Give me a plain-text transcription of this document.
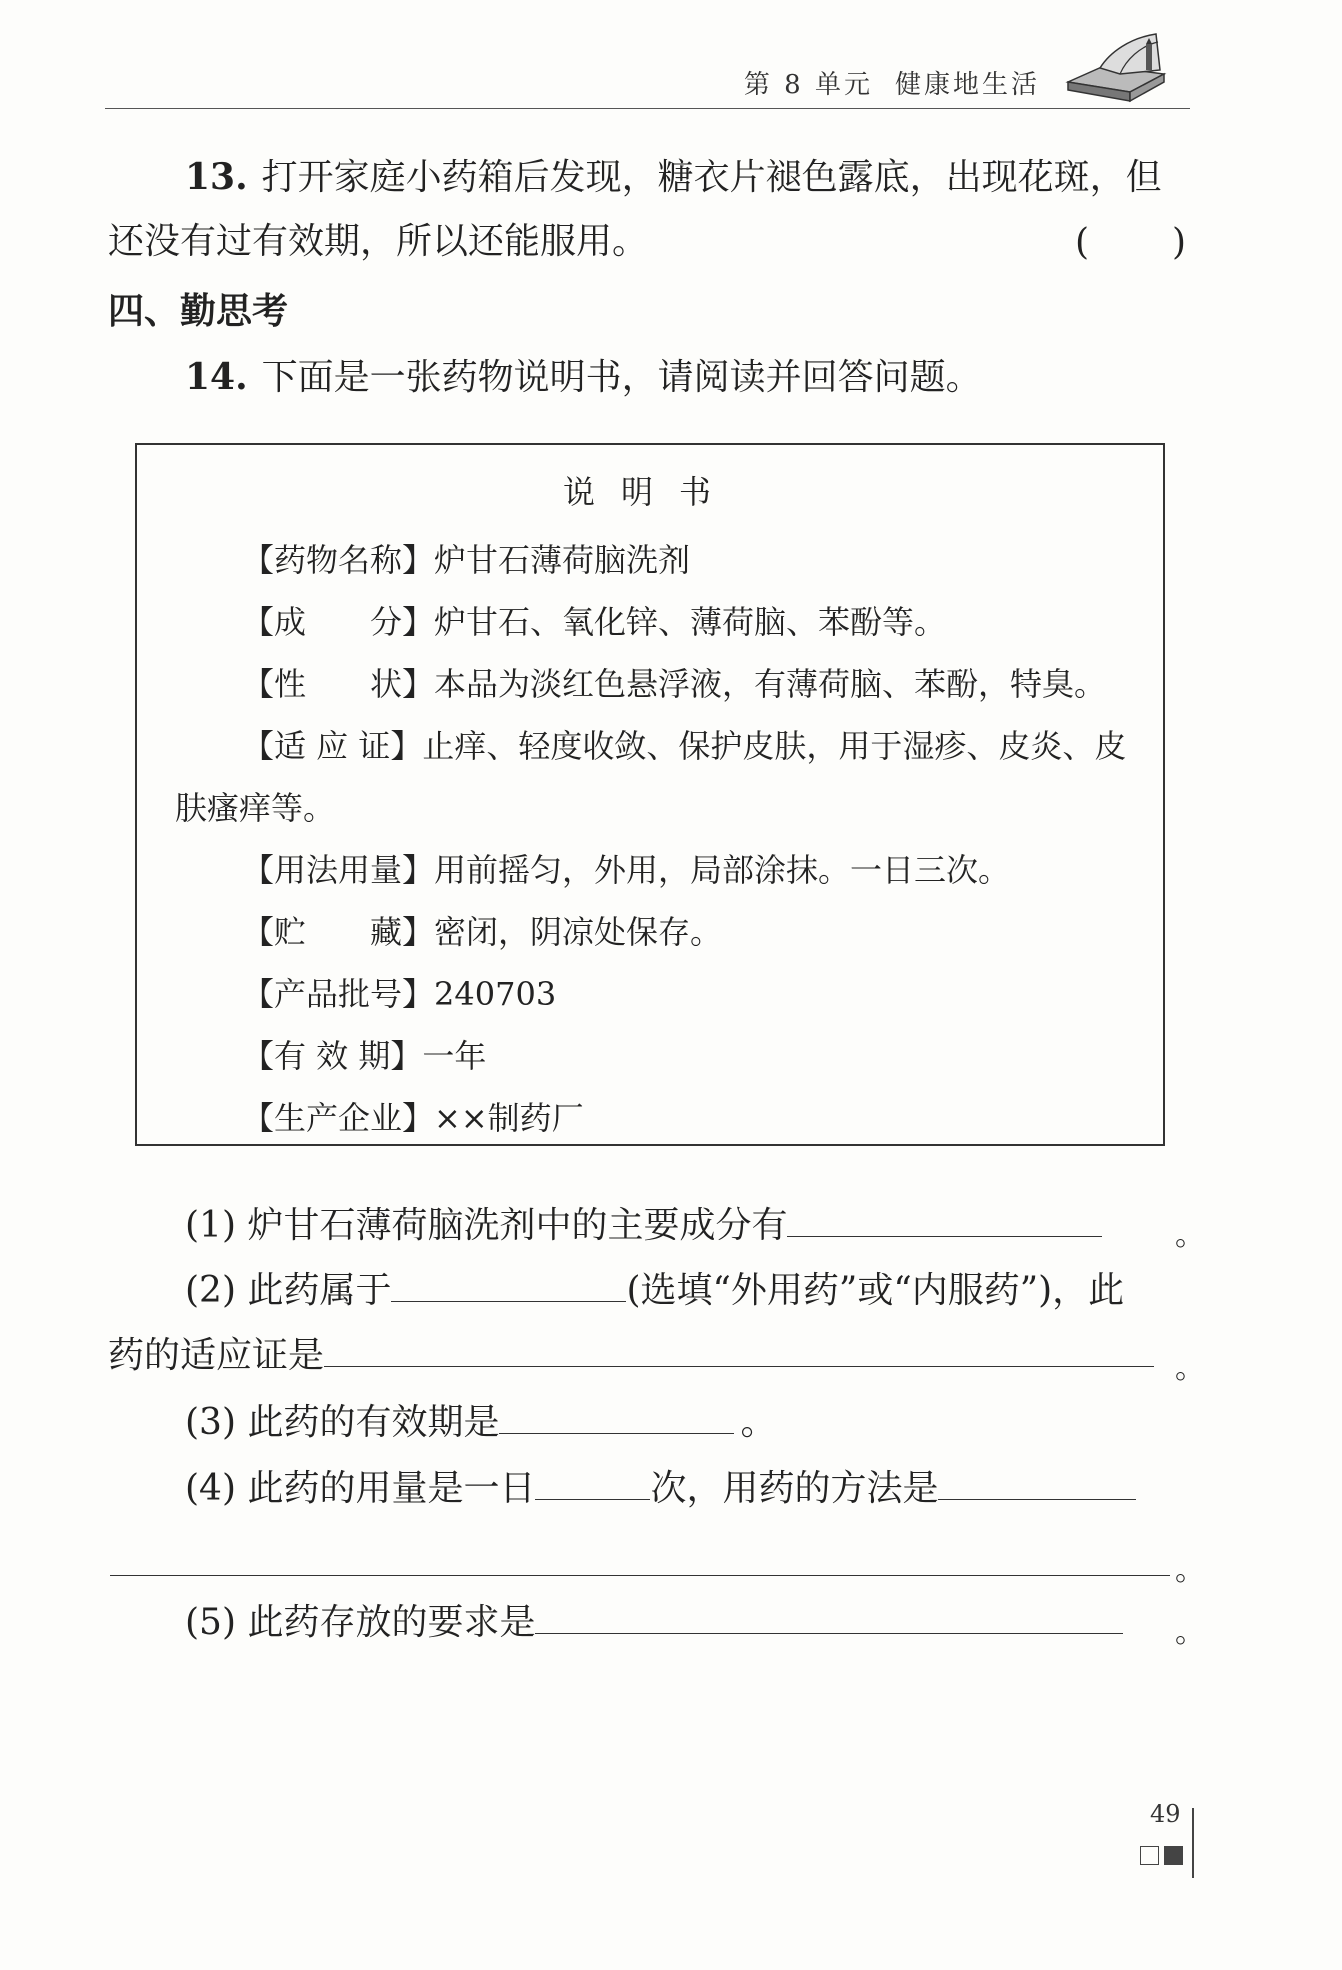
第 8 单元 健康地生活
13. 打开家庭小药箱后发现，糖衣片褪色露底，出现花斑，但
还没有过有效期，所以还能服用。	( )
四、勤思考
14. 下面是一张药物说明书，请阅读并回答问题。
说明书
【药物名称】炉甘石薄荷脑洗剂
【成　　分】炉甘石、氧化锌、薄荷脑、苯酚等。
【性　　状】本品为淡红色悬浮液，有薄荷脑、苯酚，特臭。
【适 应 证】止痒、轻度收敛、保护皮肤，用于湿疹、皮炎、皮
肤瘙痒等。
【用法用量】用前摇匀，外用，局部涂抹。一日三次。
【贮　　藏】密闭，阴凉处保存。
【产品批号】240703
【有 效 期】一年
【生产企业】××制药厂
(1) 炉甘石薄荷脑洗剂中的主要成分有	。
(2) 此药属于	(选填“外用药”或“内服药”)，此
药的适应证是	。
(3) 此药的有效期是	。
(4) 此药的用量是一日	次，用药的方法是
。
(5) 此药存放的要求是	。
49
